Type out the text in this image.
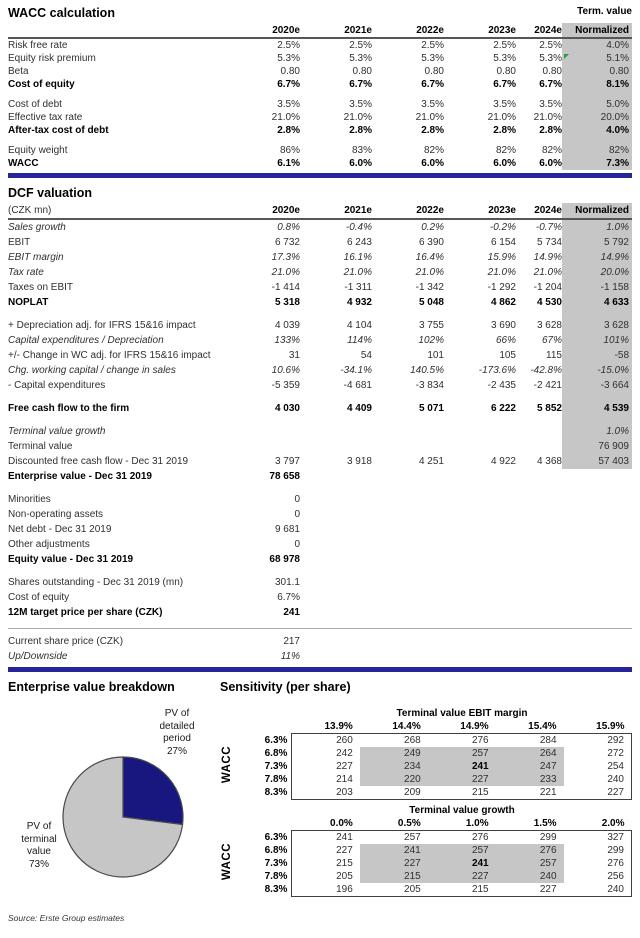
WACC calculation	Term. value
	2020e	2021e	2022e	2023e	2024e	Normalized
Risk free rate	2.5%	2.5%	2.5%	2.5%	2.5%	4.0%
Equity risk premium	5.3%	5.3%	5.3%	5.3%	5.3%	5.1%
Beta	0.80	0.80	0.80	0.80	0.80	0.80
Cost of equity	6.7%	6.7%	6.7%	6.7%	6.7%	8.1%

Cost of debt	3.5%	3.5%	3.5%	3.5%	3.5%	5.0%
Effective tax rate	21.0%	21.0%	21.0%	21.0%	21.0%	20.0%
After-tax cost of debt	2.8%	2.8%	2.8%	2.8%	2.8%	4.0%

Equity weight	86%	83%	82%	82%	82%	82%
WACC	6.1%	6.0%	6.0%	6.0%	6.0%	7.3%
DCF valuation
(CZK mn)	2020e	2021e	2022e	2023e	2024e	Normalized
Sales growth	0.8%	-0.4%	0.2%	-0.2%	-0.7%	1.0%
EBIT	6 732	6 243	6 390	6 154	5 734	5 792
EBIT margin	17.3%	16.1%	16.4%	15.9%	14.9%	14.9%
Tax rate	21.0%	21.0%	21.0%	21.0%	21.0%	20.0%
Taxes on EBIT	-1 414	-1 311	-1 342	-1 292	-1 204	-1 158
NOPLAT	5 318	4 932	5 048	4 862	4 530	4 633

+ Depreciation adj. for IFRS 15&16 impact	4 039	4 104	3 755	3 690	3 628	3 628
Capital expenditures / Depreciation	133%	114%	102%	66%	67%	101%
+/- Change in WC adj. for IFRS 15&16 impact	31	54	101	105	115	-58
Chg. working capital / change in sales	10.6%	-34.1%	140.5%	-173.6%	-42.8%	-15.0%
- Capital expenditures	-5 359	-4 681	-3 834	-2 435	-2 421	-3 664

Free cash flow to the firm	4 030	4 409	5 071	6 222	5 852	4 539

Terminal value growth						1.0%
Terminal value						76 909
Discounted free cash flow - Dec 31 2019	3 797	3 918	4 251	4 922	4 368	57 403
Enterprise value - Dec 31 2019	78 658					

Minorities	0					
Non-operating assets	0					
Net debt - Dec 31 2019	9 681					
Other adjustments	0					
Equity value - Dec 31 2019	68 978					

Shares outstanding - Dec 31 2019 (mn)	301.1					
Cost of equity	6.7%					
12M target price per share (CZK)	241					

Current share price (CZK)	217					
Up/Downside	11%					
Enterprise value breakdown
PV of detailed period
27%
PV of terminal value
73%
Source: Erste Group estimates
Sensitivity (per share)
Terminal value EBIT margin
		13.9%	14.4%	14.9%	15.4%	15.9%
WACC	6.3%	260	268	276	284	292
	6.8%	242	249	257	264	272
	7.3%	227	234	241	247	254
	7.8%	214	220	227	233	240
	8.3%	203	209	215	221	227
Terminal value growth
		0.0%	0.5%	1.0%	1.5%	2.0%
WACC	6.3%	241	257	276	299	327
	6.8%	227	241	257	276	299
	7.3%	215	227	241	257	276
	7.8%	205	215	227	240	256
	8.3%	196	205	215	227	240
